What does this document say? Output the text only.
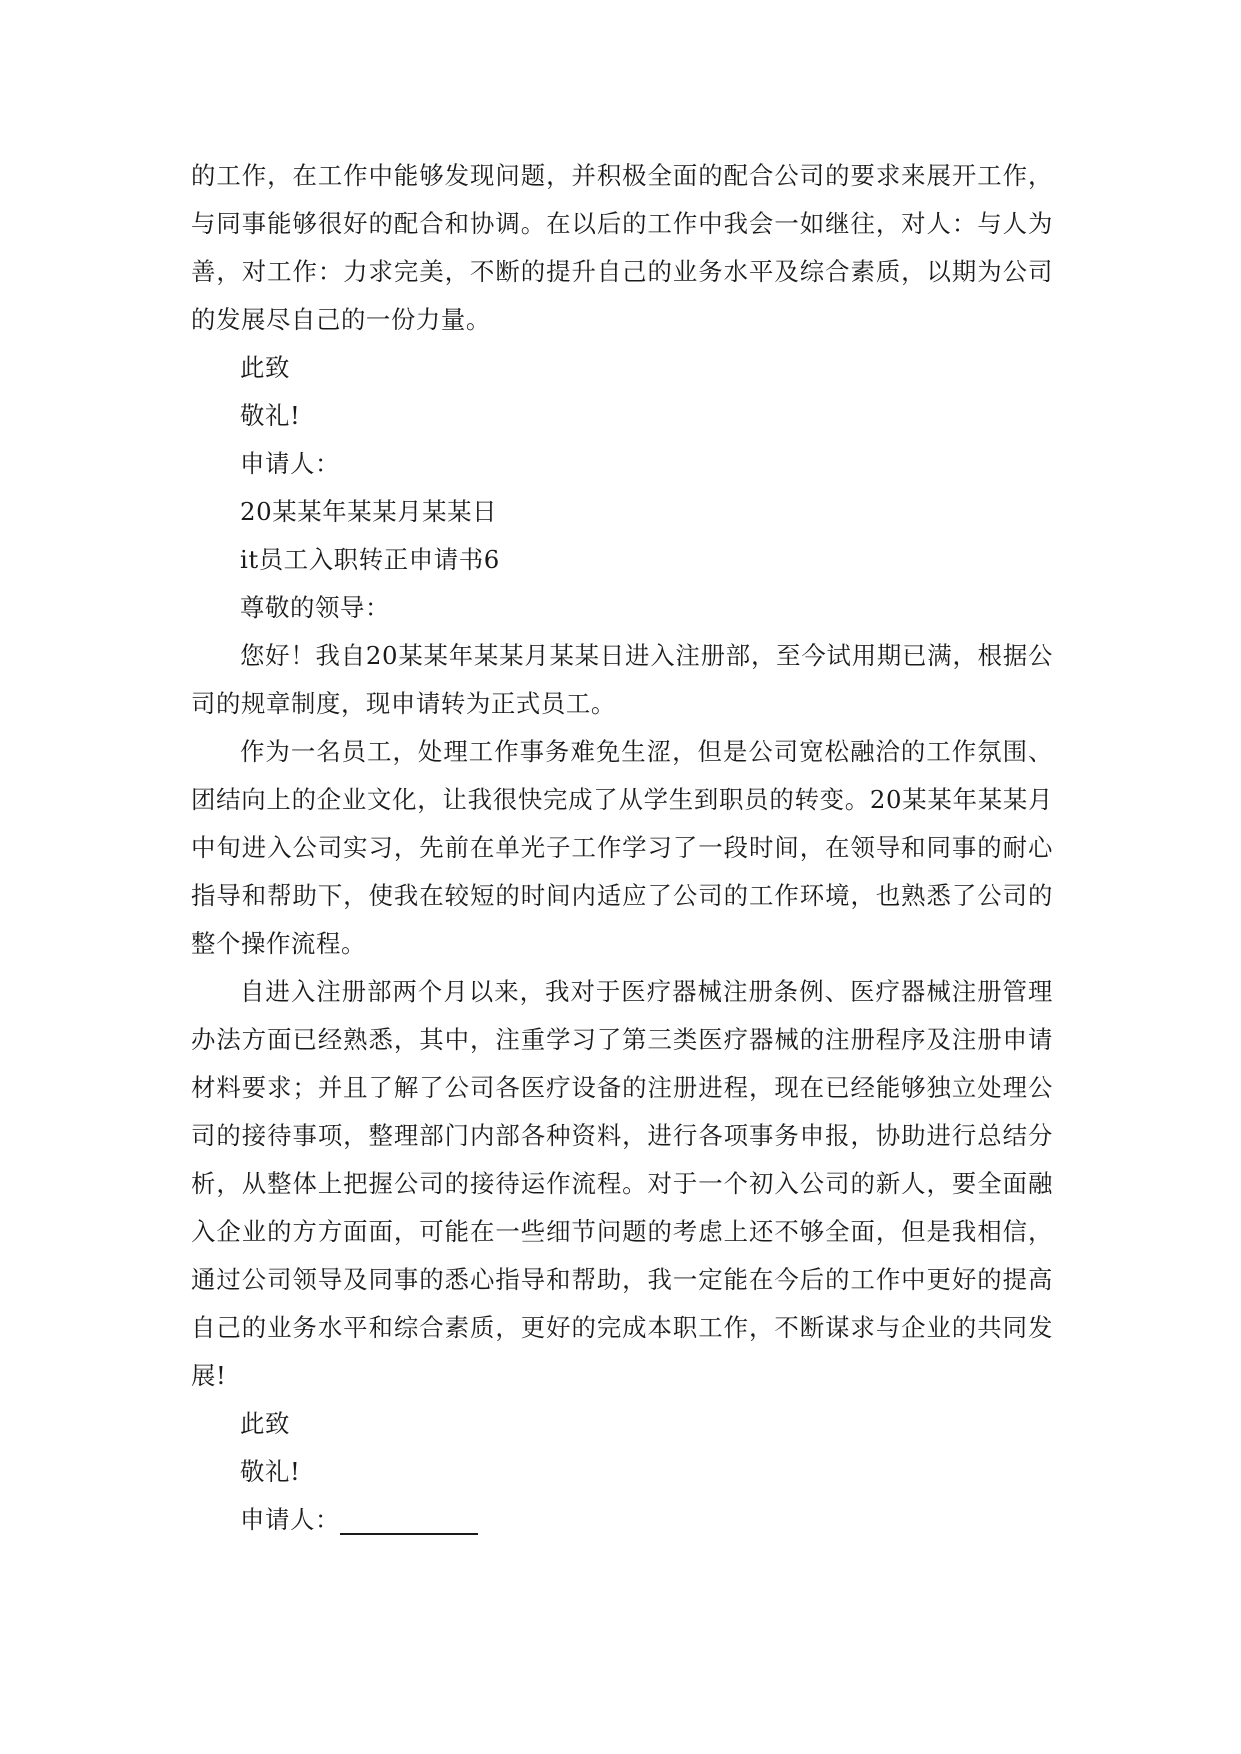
的工作，在工作中能够发现问题，并积极全面的配合公司的要求来展开工作，与同事能够很好的配合和协调。在以后的工作中我会一如继往，对人：与人为善，对工作：力求完美，不断的提升自己的业务水平及综合素质，以期为公司的发展尽自己的一份力量。

此致

敬礼!

申请人：

20某某年某某月某某日

it员工入职转正申请书6

尊敬的领导：

您好！我自20某某年某某月某某日进入注册部，至今试用期已满，根据公司的规章制度，现申请转为正式员工。

作为一名员工，处理工作事务难免生涩，但是公司宽松融洽的工作氛围、团结向上的企业文化，让我很快完成了从学生到职员的转变。20某某年某某月中旬进入公司实习，先前在单光子工作学习了一段时间，在领导和同事的耐心指导和帮助下，使我在较短的时间内适应了公司的工作环境，也熟悉了公司的整个操作流程。

自进入注册部两个月以来，我对于医疗器械注册条例、医疗器械注册管理办法方面已经熟悉，其中，注重学习了第三类医疗器械的注册程序及注册申请材料要求；并且了解了公司各医疗设备的注册进程，现在已经能够独立处理公司的接待事项，整理部门内部各种资料，进行各项事务申报，协助进行总结分析，从整体上把握公司的接待运作流程。对于一个初入公司的新人，要全面融入企业的方方面面，可能在一些细节问题的考虑上还不够全面，但是我相信，通过公司领导及同事的悉心指导和帮助，我一定能在今后的工作中更好的提高自己的业务水平和综合素质，更好的完成本职工作，不断谋求与企业的共同发展!

此致

敬礼!

申请人：
